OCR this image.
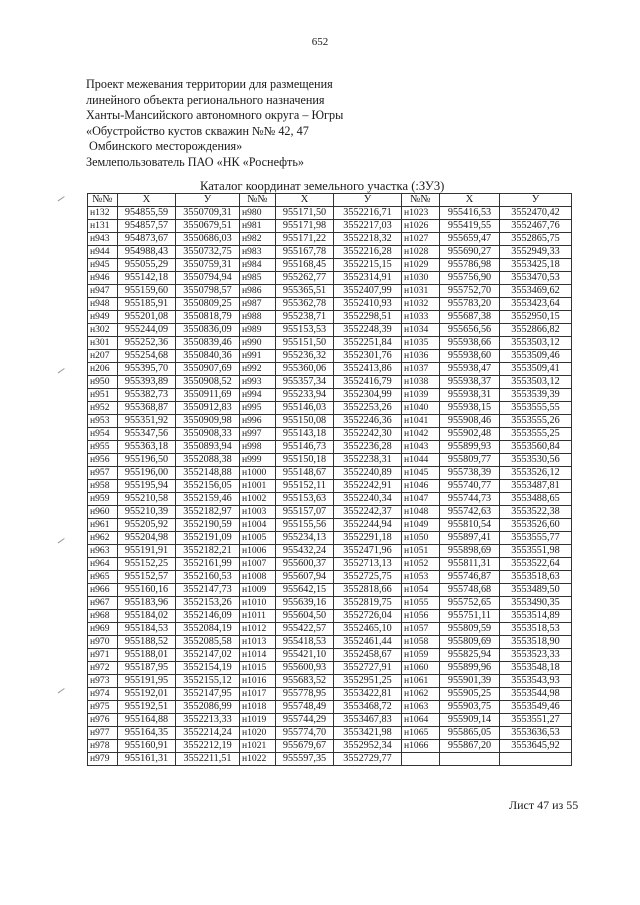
652
Проект межевания территории для размещения
линейного объекта регионального назначения
Ханты-Мансийского автономного округа – Югры
«Обустройство кустов скважин №№ 42, 47
Омбинского месторождения»
Землепользователь ПАО «НК «Роснефть»
Каталог координат земельного участка (:ЗУ3)
№№	X	У	№№	X	У	№№	X	У
н132	954855,59	3550709,31	н980	955171,50	3552216,71	н1023	955416,53	3552470,42
н131	954857,57	3550679,51	н981	955171,98	3552217,03	н1026	955419,55	3552467,76
н943	954873,67	3550686,03	н982	955171,22	3552218,32	н1027	955659,47	3552865,75
н944	954988,43	3550732,75	н983	955167,78	3552216,28	н1028	955690,27	3552949,33
н945	955055,29	3550759,31	н984	955168,45	3552215,15	н1029	955786,98	3553425,18
н946	955142,18	3550794,94	н985	955262,77	3552314,91	н1030	955756,90	3553470,53
н947	955159,60	3550798,57	н986	955365,51	3552407,99	н1031	955752,70	3553469,62
н948	955185,91	3550809,25	н987	955362,78	3552410,93	н1032	955783,20	3553423,64
н949	955201,08	3550818,79	н988	955238,71	3552298,51	н1033	955687,38	3552950,15
н302	955244,09	3550836,09	н989	955153,53	3552248,39	н1034	955656,56	3552866,82
н301	955252,36	3550839,46	н990	955151,50	3552251,84	н1035	955938,66	3553503,12
н207	955254,68	3550840,36	н991	955236,32	3552301,76	н1036	955938,60	3553509,46
н206	955395,70	3550907,69	н992	955360,06	3552413,86	н1037	955938,47	3553509,41
н950	955393,89	3550908,52	н993	955357,34	3552416,79	н1038	955938,37	3553503,12
н951	955382,73	3550911,69	н994	955233,94	3552304,99	н1039	955938,31	3553539,39
н952	955368,87	3550912,83	н995	955146,03	3552253,26	н1040	955938,15	3553555,55
н953	955351,92	3550909,98	н996	955150,08	3552246,36	н1041	955908,46	3553555,26
н954	955347,56	3550908,33	н997	955143,18	3552242,30	н1042	955902,48	3553555,25
н955	955363,18	3550893,94	н998	955146,73	3552236,28	н1043	955899,93	3553560,84
н956	955196,50	3552088,38	н999	955150,18	3552238,31	н1044	955809,77	3553530,56
н957	955196,00	3552148,88	н1000	955148,67	3552240,89	н1045	955738,39	3553526,12
н958	955195,94	3552156,05	н1001	955152,11	3552242,91	н1046	955740,77	3553487,81
н959	955210,58	3552159,46	н1002	955153,63	3552240,34	н1047	955744,73	3553488,65
н960	955210,39	3552182,97	н1003	955157,07	3552242,37	н1048	955742,63	3553522,38
н961	955205,92	3552190,59	н1004	955155,56	3552244,94	н1049	955810,54	3553526,60
н962	955204,98	3552191,09	н1005	955234,13	3552291,18	н1050	955897,41	3553555,77
н963	955191,91	3552182,21	н1006	955432,24	3552471,96	н1051	955898,69	3553551,98
н964	955152,25	3552161,99	н1007	955600,37	3552713,13	н1052	955811,31	3553522,64
н965	955152,57	3552160,53	н1008	955607,94	3552725,75	н1053	955746,87	3553518,63
н966	955160,16	3552147,73	н1009	955642,15	3552818,66	н1054	955748,68	3553489,50
н967	955183,96	3552153,26	н1010	955639,16	3552819,75	н1055	955752,65	3553490,35
н968	955184,02	3552146,09	н1011	955604,50	3552726,04	н1056	955751,11	3553514,89
н969	955184,53	3552084,19	н1012	955422,57	3552465,10	н1057	955809,59	3553518,53
н970	955188,52	3552085,58	н1013	955418,53	3552461,44	н1058	955809,69	3553518,90
н971	955188,01	3552147,02	н1014	955421,10	3552458,67	н1059	955825,94	3553523,33
н972	955187,95	3552154,19	н1015	955600,93	3552727,91	н1060	955899,96	3553548,18
н973	955191,95	3552155,12	н1016	955683,52	3552951,25	н1061	955901,39	3553543,93
н974	955192,01	3552147,95	н1017	955778,95	3553422,81	н1062	955905,25	3553544,98
н975	955192,51	3552086,99	н1018	955748,49	3553468,72	н1063	955903,75	3553549,46
н976	955164,88	3552213,33	н1019	955744,29	3553467,83	н1064	955909,14	3553551,27
н977	955164,35	3552214,24	н1020	955774,70	3553421,98	н1065	955865,05	3553636,53
н978	955160,91	3552212,19	н1021	955679,67	3552952,34	н1066	955867,20	3553645,92
н979	955161,31	3552211,51	н1022	955597,35	3552729,77			
Лист 47 из 55
